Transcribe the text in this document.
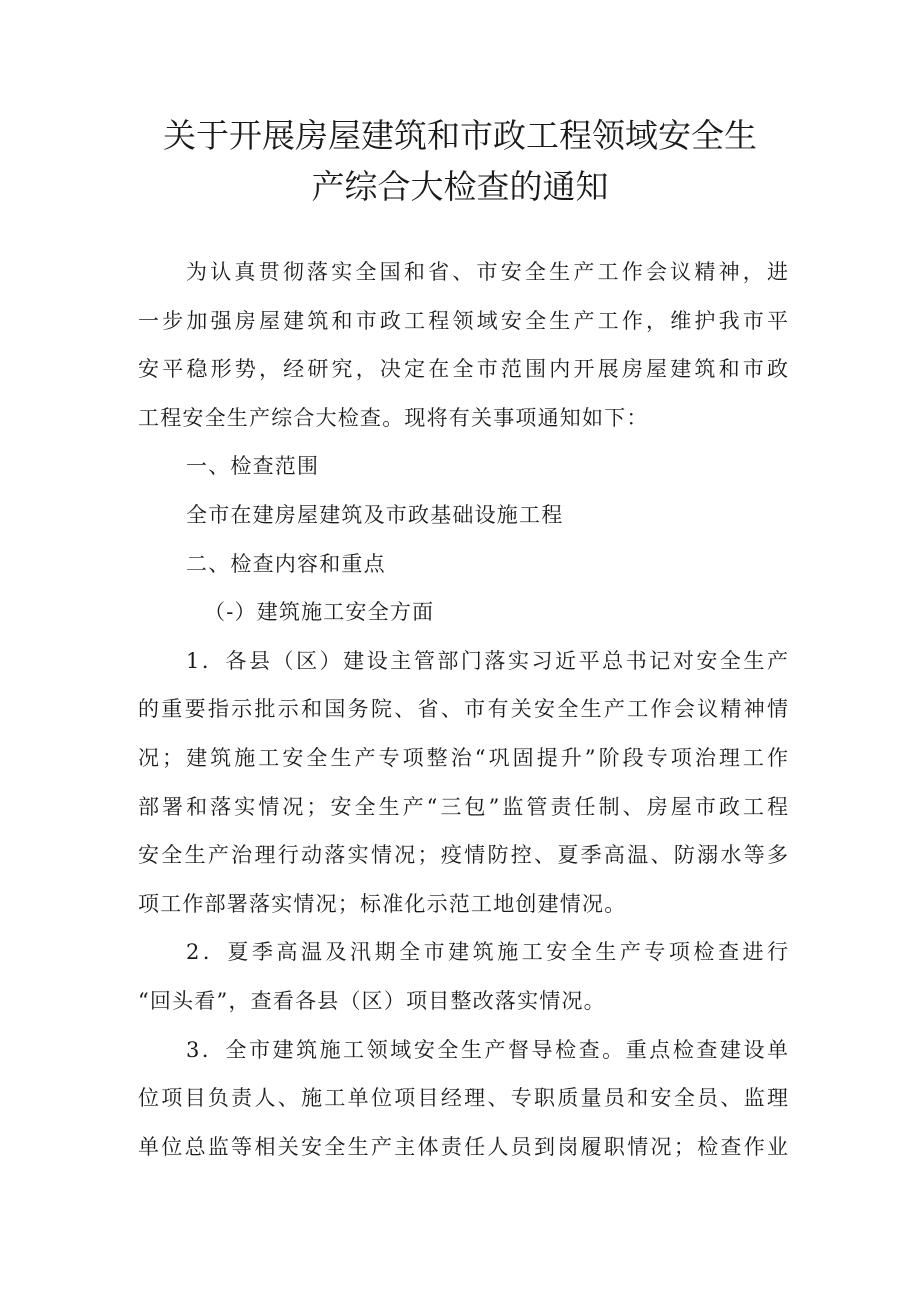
关于开展房屋建筑和市政工程领域安全生
产综合大检查的通知
为认真贯彻落实全国和省、市安全生产工作会议精神，进
一步加强房屋建筑和市政工程领域安全生产工作，维护我市平
安平稳形势，经研究，决定在全市范围内开展房屋建筑和市政
工程安全生产综合大检查。现将有关事项通知如下：
一、检查范围
全市在建房屋建筑及市政基础设施工程
二、检查内容和重点
（-）建筑施工安全方面
1．各县（区）建设主管部门落实习近平总书记对安全生产
的重要指示批示和国务院、省、市有关安全生产工作会议精神情
况；建筑施工安全生产专项整治“巩固提升”阶段专项治理工作
部署和落实情况；安全生产“三包”监管责任制、房屋市政工程
安全生产治理行动落实情况；疫情防控、夏季高温、防溺水等多
项工作部署落实情况；标准化示范工地创建情况。
2．夏季高温及汛期全市建筑施工安全生产专项检查进行
“回头看”，查看各县（区）项目整改落实情况。
3．全市建筑施工领域安全生产督导检查。重点检查建设单
位项目负责人、施工单位项目经理、专职质量员和安全员、监理
单位总监等相关安全生产主体责任人员到岗履职情况；检查作业
